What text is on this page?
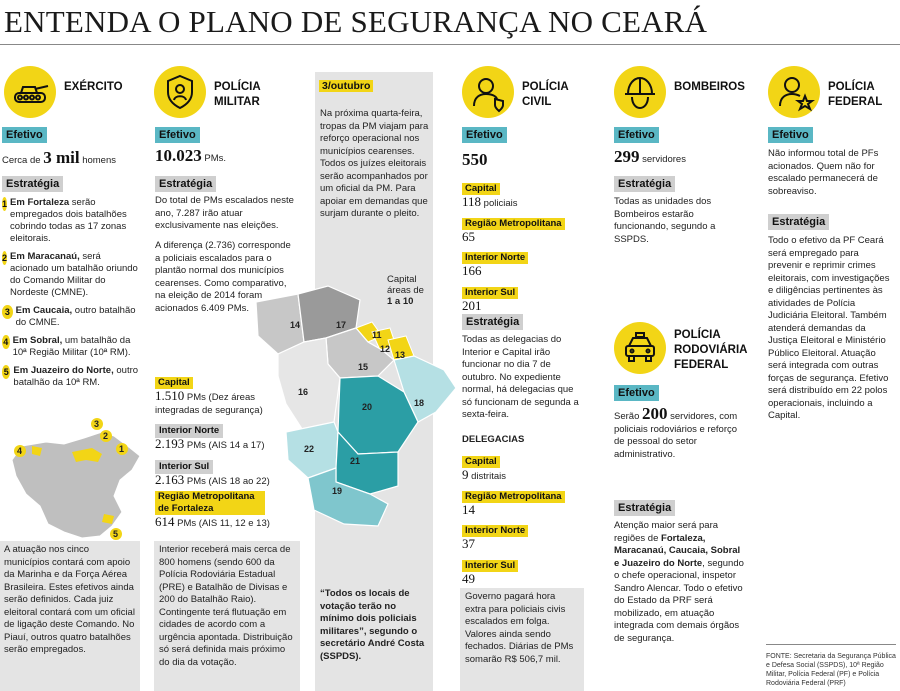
ENTENDA O PLANO DE SEGURANÇA NO CEARÁ
EXÉRCITO
Efetivo
Cerca de 3 mil homens
Estratégia
1 Em Fortaleza serão empregados dois batalhões cobrindo todas as 17 zonas eleitorais.
2 Em Maracanaú, será acionado um batalhão oriundo do Comando Militar do Nordeste (CMNE).
3 Em Caucaia, outro batalhão do CMNE.
4 Em Sobral, um batalhão da 10ª Região Militar (10ª RM).
5 Em Juazeiro do Norte, outro batalhão da 10ª RM.
3
2
1
4
5
A atuação nos cinco municípios contará com apoio da Marinha e da Força Aérea Brasileira. Estes efetivos ainda serão definidos. Cada juiz eleitoral contará com um oficial de ligação deste Comando. No Piauí, outros quatro batalhões serão empregados.
POLÍCIA
MILITAR
Efetivo
10.023 PMs.
Estratégia
Do total de PMs escalados neste ano, 7.287 irão atuar exclusivamente nas eleições.
A diferença (2.736) corresponde a policiais escalados para o plantão normal dos municípios cearenses. Como comparativo, na eleição de 2014 foram acionados 6.409 PMs.
Capital
1.510 PMs (Dez áreas integradas de segurança)
Interior Norte
2.193 PMs (AIS 14 a 17)
Interior Sul
2.163 PMs (AIS 18 ao 22)
Região Metropolitana de Fortaleza
614 PMs (AIS 11, 12 e 13)
Interior receberá mais cerca de 800 homens (sendo 600 da Polícia Rodoviária Estadual (PRE) e Batalhão de Divisas e 200 do Batalhão Raio). Contingente terá flutuação em cidades de acordo com a urgência apontada. Distribuição só será definida mais próximo do dia da votação.
3/outubro
Na próxima quarta-feira, tropas da PM viajam para reforço operacional nos municípios cearenses. Todos os juízes eleitorais serão acompanhados por um oficial da PM. Para apoiar em demandas que surjam durante o pleito.
14	17
11
12
13
15
16
18
20
22
21
19
Capital
áreas de
1 a 10
“Todos os locais de votação terão no mínimo dois policiais militares”, segundo o secretário André Costa (SSPDS).
POLÍCIA
CIVIL
Efetivo
550
Capital
118 policiais
Região Metropolitana
65
Interior Norte
166
Interior Sul
201
Estratégia
Todas as delegacias do Interior e Capital irão funcionar no dia 7 de outubro. No expediente normal, há delegacias que só funcionam de segunda a sexta-feira.
DELEGACIAS
Capital
9 distritais
Região Metropolitana
14
Interior Norte
37
Interior Sul
49
Governo pagará hora extra para policiais civis escalados em folga. Valores ainda sendo fechados. Diárias de PMs somarão R$ 506,7 mil.
BOMBEIROS
Efetivo
299 servidores
Estratégia
Todas as unidades dos Bombeiros estarão funcionando, segundo a SSPDS.
POLÍCIA
RODOVIÁRIA
FEDERAL
Efetivo
Serão 200 servidores, com policiais rodoviários e reforço de pessoal do setor administrativo.
Estratégia
Atenção maior será para regiões de Fortaleza, Maracanaú, Caucaia, Sobral e Juazeiro do Norte, segundo o chefe operacional, inspetor Sandro Alencar. Todo o efetivo do Estado da PRF será mobilizado, em atuação integrada com demais órgãos de segurança.
POLÍCIA
FEDERAL
Efetivo
Não informou total de PFs acionados. Quem não for escalado permanecerá de sobreaviso.
Estratégia
Todo o efetivo da PF Ceará será empregado para prevenir e reprimir crimes eleitorais, com investigações e diligências pertinentes às atividades de Polícia Judiciária Eleitoral. Também atenderá demandas da Justiça Eleitoral e Ministério Público Eleitoral. Atuação será integrada com outras forças de segurança. Efetivo será distribuído em 22 polos operacionais, incluindo a Capital.
FONTE: Secretaria da Segurança Pública e Defesa Social (SSPDS), 10ª Região Militar, Polícia Federal (PF) e Polícia Rodoviária Federal (PRF)
